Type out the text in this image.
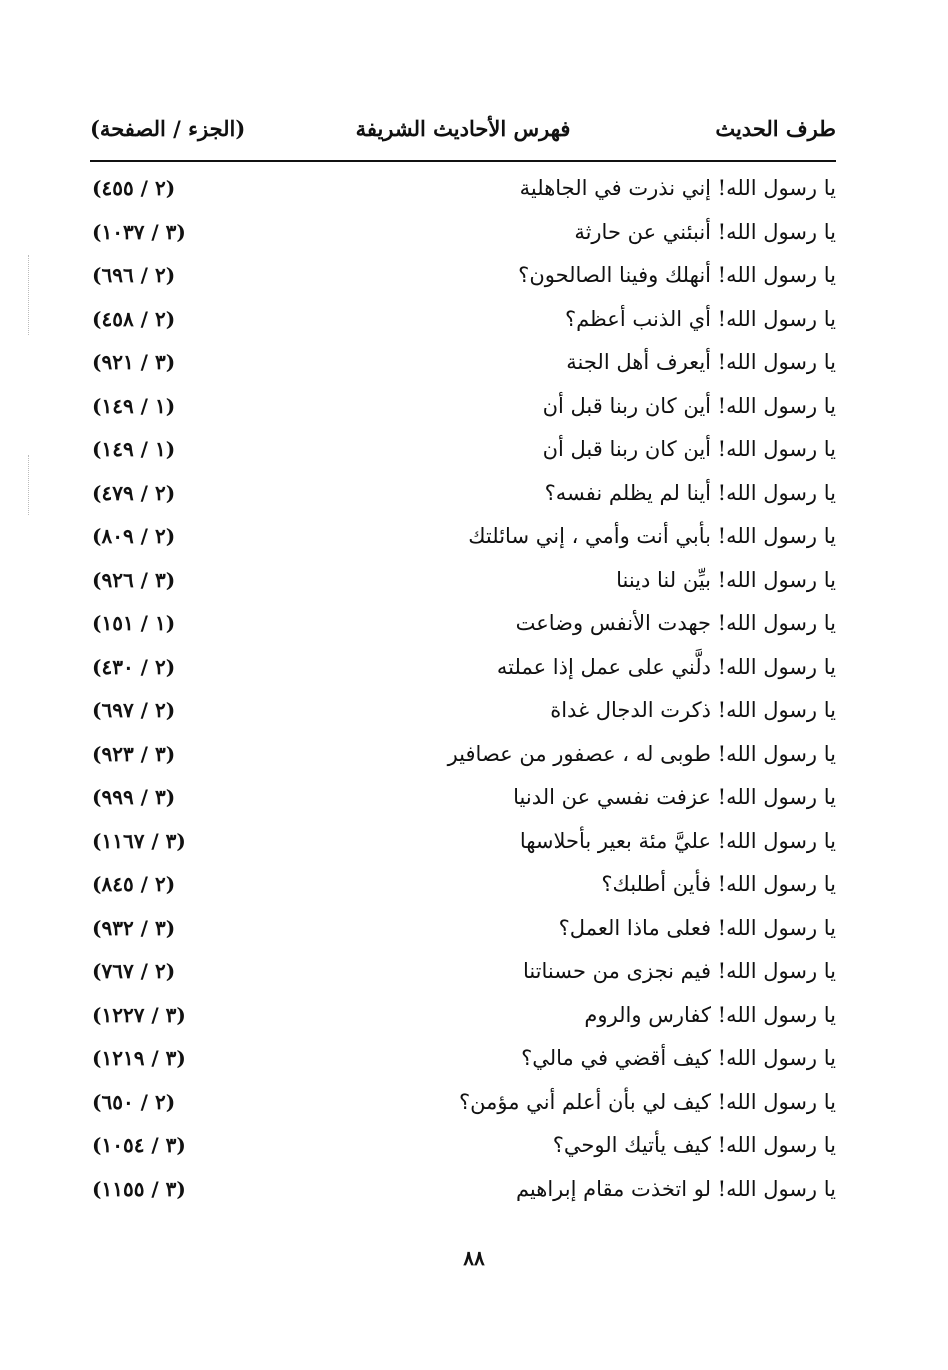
طرف الحديث
فهرس الأحاديث الشريفة
(الجزء / الصفحة)
يا رسول الله! إني نذرت في الجاهلية
(٢ / ٤٥٥)
يا رسول الله! أنبئني عن حارثة
(٣ / ١٠٣٧)
يا رسول الله! أنهلك وفينا الصالحون؟
(٢ / ٦٩٦)
يا رسول الله! أي الذنب أعظم؟
(٢ / ٤٥٨)
يا رسول الله! أيعرف أهل الجنة
(٣ / ٩٢١)
يا رسول الله! أين كان ربنا قبل أن
(١ / ١٤٩)
يا رسول الله! أين كان ربنا قبل أن
(١ / ١٤٩)
يا رسول الله! أينا لم يظلم نفسه؟
(٢ / ٤٧٩)
يا رسول الله! بأبي أنت وأمي ، إني سائلتك
(٢ / ٨٠٩)
يا رسول الله! بيِّن لنا ديننا
(٣ / ٩٢٦)
يا رسول الله! جهدت الأنفس وضاعت
(١ / ١٥١)
يا رسول الله! دلَّني على عمل إذا عملته
(٢ / ٤٣٠)
يا رسول الله! ذكرت الدجال غداة
(٢ / ٦٩٧)
يا رسول الله! طوبى له ، عصفور من عصافير
(٣ / ٩٢٣)
يا رسول الله! عزفت نفسي عن الدنيا
(٣ / ٩٩٩)
يا رسول الله! عليَّ مئة بعير بأحلاسها
(٣ / ١١٦٧)
يا رسول الله! فأين أطلبك؟
(٢ / ٨٤٥)
يا رسول الله! فعلى ماذا العمل؟
(٣ / ٩٣٢)
يا رسول الله! فيم نجزى من حسناتنا
(٢ / ٧٦٧)
يا رسول الله! كفارس والروم
(٣ / ١٢٢٧)
يا رسول الله! كيف أقضي في مالي؟
(٣ / ١٢١٩)
يا رسول الله! كيف لي بأن أعلم أني مؤمن؟
(٢ / ٦٥٠)
يا رسول الله! كيف يأتيك الوحي؟
(٣ / ١٠٥٤)
يا رسول الله! لو اتخذت مقام إبراهيم
(٣ / ١١٥٥)
٨٨
